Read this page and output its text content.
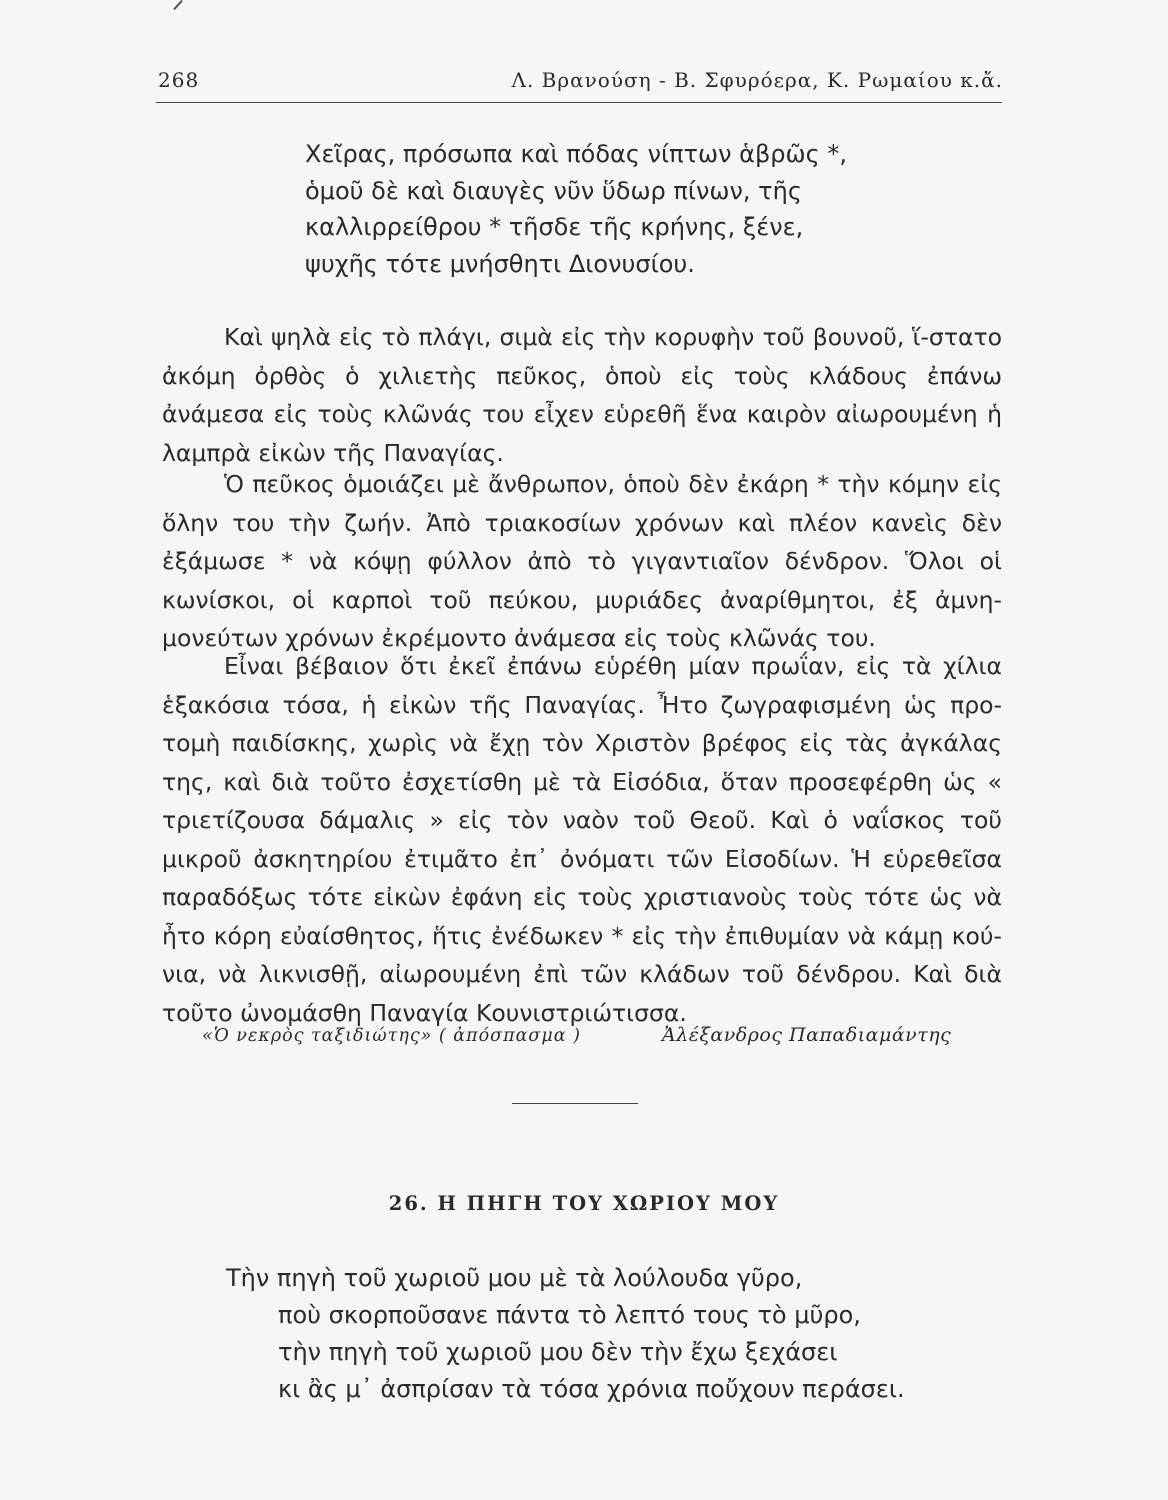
268	Λ. Βρανούση - Β. Σφυρόερα, Κ. Ρωμαίου κ.ἄ.
Χεῖρας, πρόσωπα καὶ πόδας νίπτων ἁβρῶς *,
ὁμοῦ δὲ καὶ διαυγὲς νῦν ὕδωρ πίνων, τῆς
καλλιρρείθρου * τῆσδε τῆς κρήνης, ξένε,
ψυχῆς τότε μνήσθητι Διονυσίου.

Καὶ ψηλὰ εἰς τὸ πλάγι, σιμὰ εἰς τὴν κορυφὴν τοῦ βουνοῦ, ἵ-στατο ἀκόμη ὀρθὸς ὁ χιλιετὴς πεῦκος, ὁποὺ εἰς τοὺς κλάδους ἐπάνω ἀνάμεσα εἰς τοὺς κλῶνάς του εἶχεν εὑρεθῆ ἕνα καιρὸν αἰωρουμένη ἡ λαμπρὰ εἰκὼν τῆς Παναγίας.

Ὁ πεῦκος ὁμοιάζει μὲ ἄνθρωπον, ὁποὺ δὲν ἐκάρη * τὴν κόμην εἰς ὅλην του τὴν ζωήν. Ἀπὸ τριακοσίων χρόνων καὶ πλέον κανεὶς δὲν ἐξάμωσε * νὰ κόψῃ φύλλον ἀπὸ τὸ γιγαντιαῖον δένδρον. Ὅλοι οἱ κωνίσκοι, οἱ καρποὶ τοῦ πεύκου, μυριάδες ἀναρίθμητοι, ἐξ ἀμνη-μονεύτων χρόνων ἐκρέμοντο ἀνάμεσα εἰς τοὺς κλῶνάς του.

Εἶναι βέβαιον ὅτι ἐκεῖ ἐπάνω εὑρέθη μίαν πρωΐαν, εἰς τὰ χίλια ἑξακόσια τόσα, ἡ εἰκὼν τῆς Παναγίας. Ἦτο ζωγραφισμένη ὡς προ-τομὴ παιδίσκης, χωρὶς νὰ ἔχῃ τὸν Χριστὸν βρέφος εἰς τὰς ἀγκάλας της, καὶ διὰ τοῦτο ἐσχετίσθη μὲ τὰ Εἰσόδια, ὅταν προσεφέρθη ὡς « τριετίζουσα δάμαλις » εἰς τὸν ναὸν τοῦ Θεοῦ. Καὶ ὁ ναΐσκος τοῦ μικροῦ ἀσκητηρίου ἐτιμᾶτο ἐπ᾽ ὀνόματι τῶν Εἰσοδίων. Ἡ εὑρεθεῖσα παραδόξως τότε εἰκὼν ἐφάνη εἰς τοὺς χριστιανοὺς τοὺς τότε ὡς νὰ ἦτο κόρη εὐαίσθητος, ἥτις ἐνέδωκεν * εἰς τὴν ἐπιθυμίαν νὰ κάμῃ κού-νια, νὰ λικνισθῇ, αἰωρουμένη ἐπὶ τῶν κλάδων τοῦ δένδρου. Καὶ διὰ τοῦτο ὠνομάσθη Παναγία Κουνιστριώτισσα.

«Ὁ νεκρὸς ταξιδιώτης» ( ἀπόσπασμα )	Ἀλέξανδρος Παπαδιαμάντης
26. Η ΠΗΓΗ ΤΟΥ ΧΩΡΙΟΥ ΜΟΥ
Τὴν πηγὴ τοῦ χωριοῦ μου μὲ τὰ λούλουδα γῦρο,
ποὺ σκορποῦσανε πάντα τὸ λεπτό τους τὸ μῦρο,
τὴν πηγὴ τοῦ χωριοῦ μου δὲν τὴν ἔχω ξεχάσει
κι ἂς μ᾽ ἀσπρίσαν τὰ τόσα χρόνια ποὔχουν περάσει.
